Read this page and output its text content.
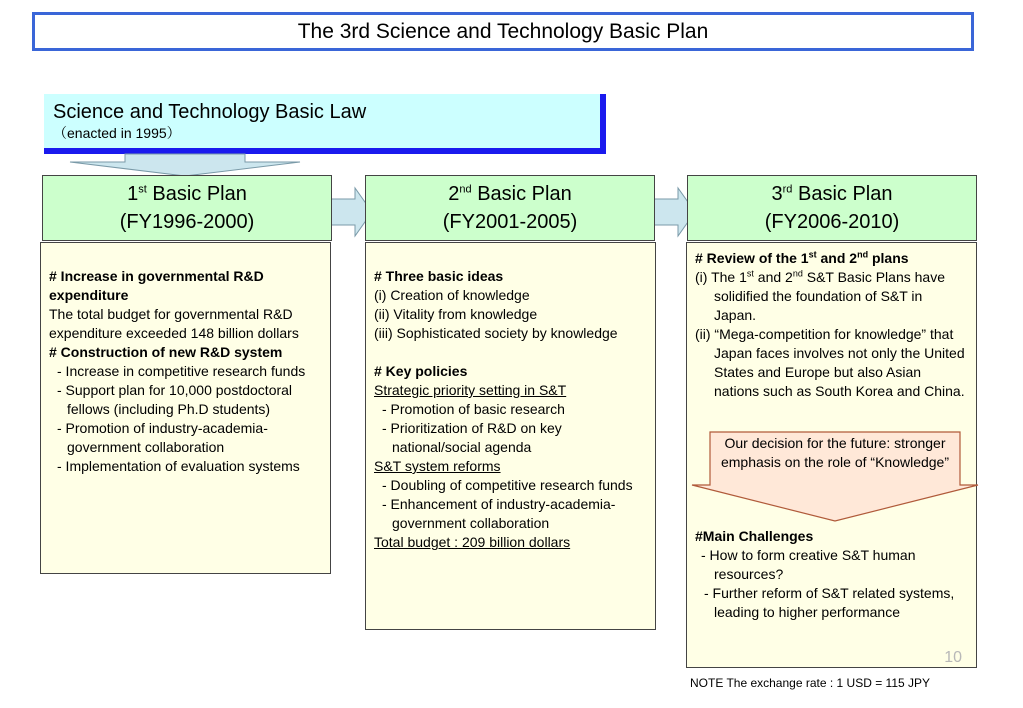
The 3rd Science and Technology Basic Plan
Science and Technology Basic Law
（enacted in 1995）
1st Basic Plan
(FY1996-2000)
2nd Basic Plan
(FY2001-2005)
3rd Basic Plan
(FY2006-2010)
# Increase in governmental R&D expenditure
The total budget for governmental R&D expenditure exceeded 148 billion dollars
# Construction of new R&D system
- Increase in competitive research funds
- Support plan for 10,000 postdoctoral fellows (including Ph.D students)
- Promotion of industry-academia-government collaboration
- Implementation of evaluation systems
# Three basic ideas
(i) Creation of knowledge
(ii) Vitality from knowledge
(iii) Sophisticated society by knowledge
# Key policies
Strategic priority setting in S&T
- Promotion of basic research
- Prioritization of R&D on key national/social agenda
S&T system reforms
- Doubling of competitive research funds
- Enhancement of industry-academia-government collaboration
Total budget : 209 billion dollars
# Review of the 1st and 2nd plans
(i) The 1st and 2nd S&T Basic Plans have solidified the foundation of S&T in Japan.
(ii) “Mega-competition for knowledge” that Japan faces involves not only the United States and Europe but also Asian nations such as South Korea and China.
#Main Challenges
- How to form creative S&T human resources?
- Further reform of S&T related systems, leading to higher performance
10
Our decision for the future: stronger emphasis on the role of “Knowledge”
NOTE The exchange rate : 1 USD = 115 JPY
